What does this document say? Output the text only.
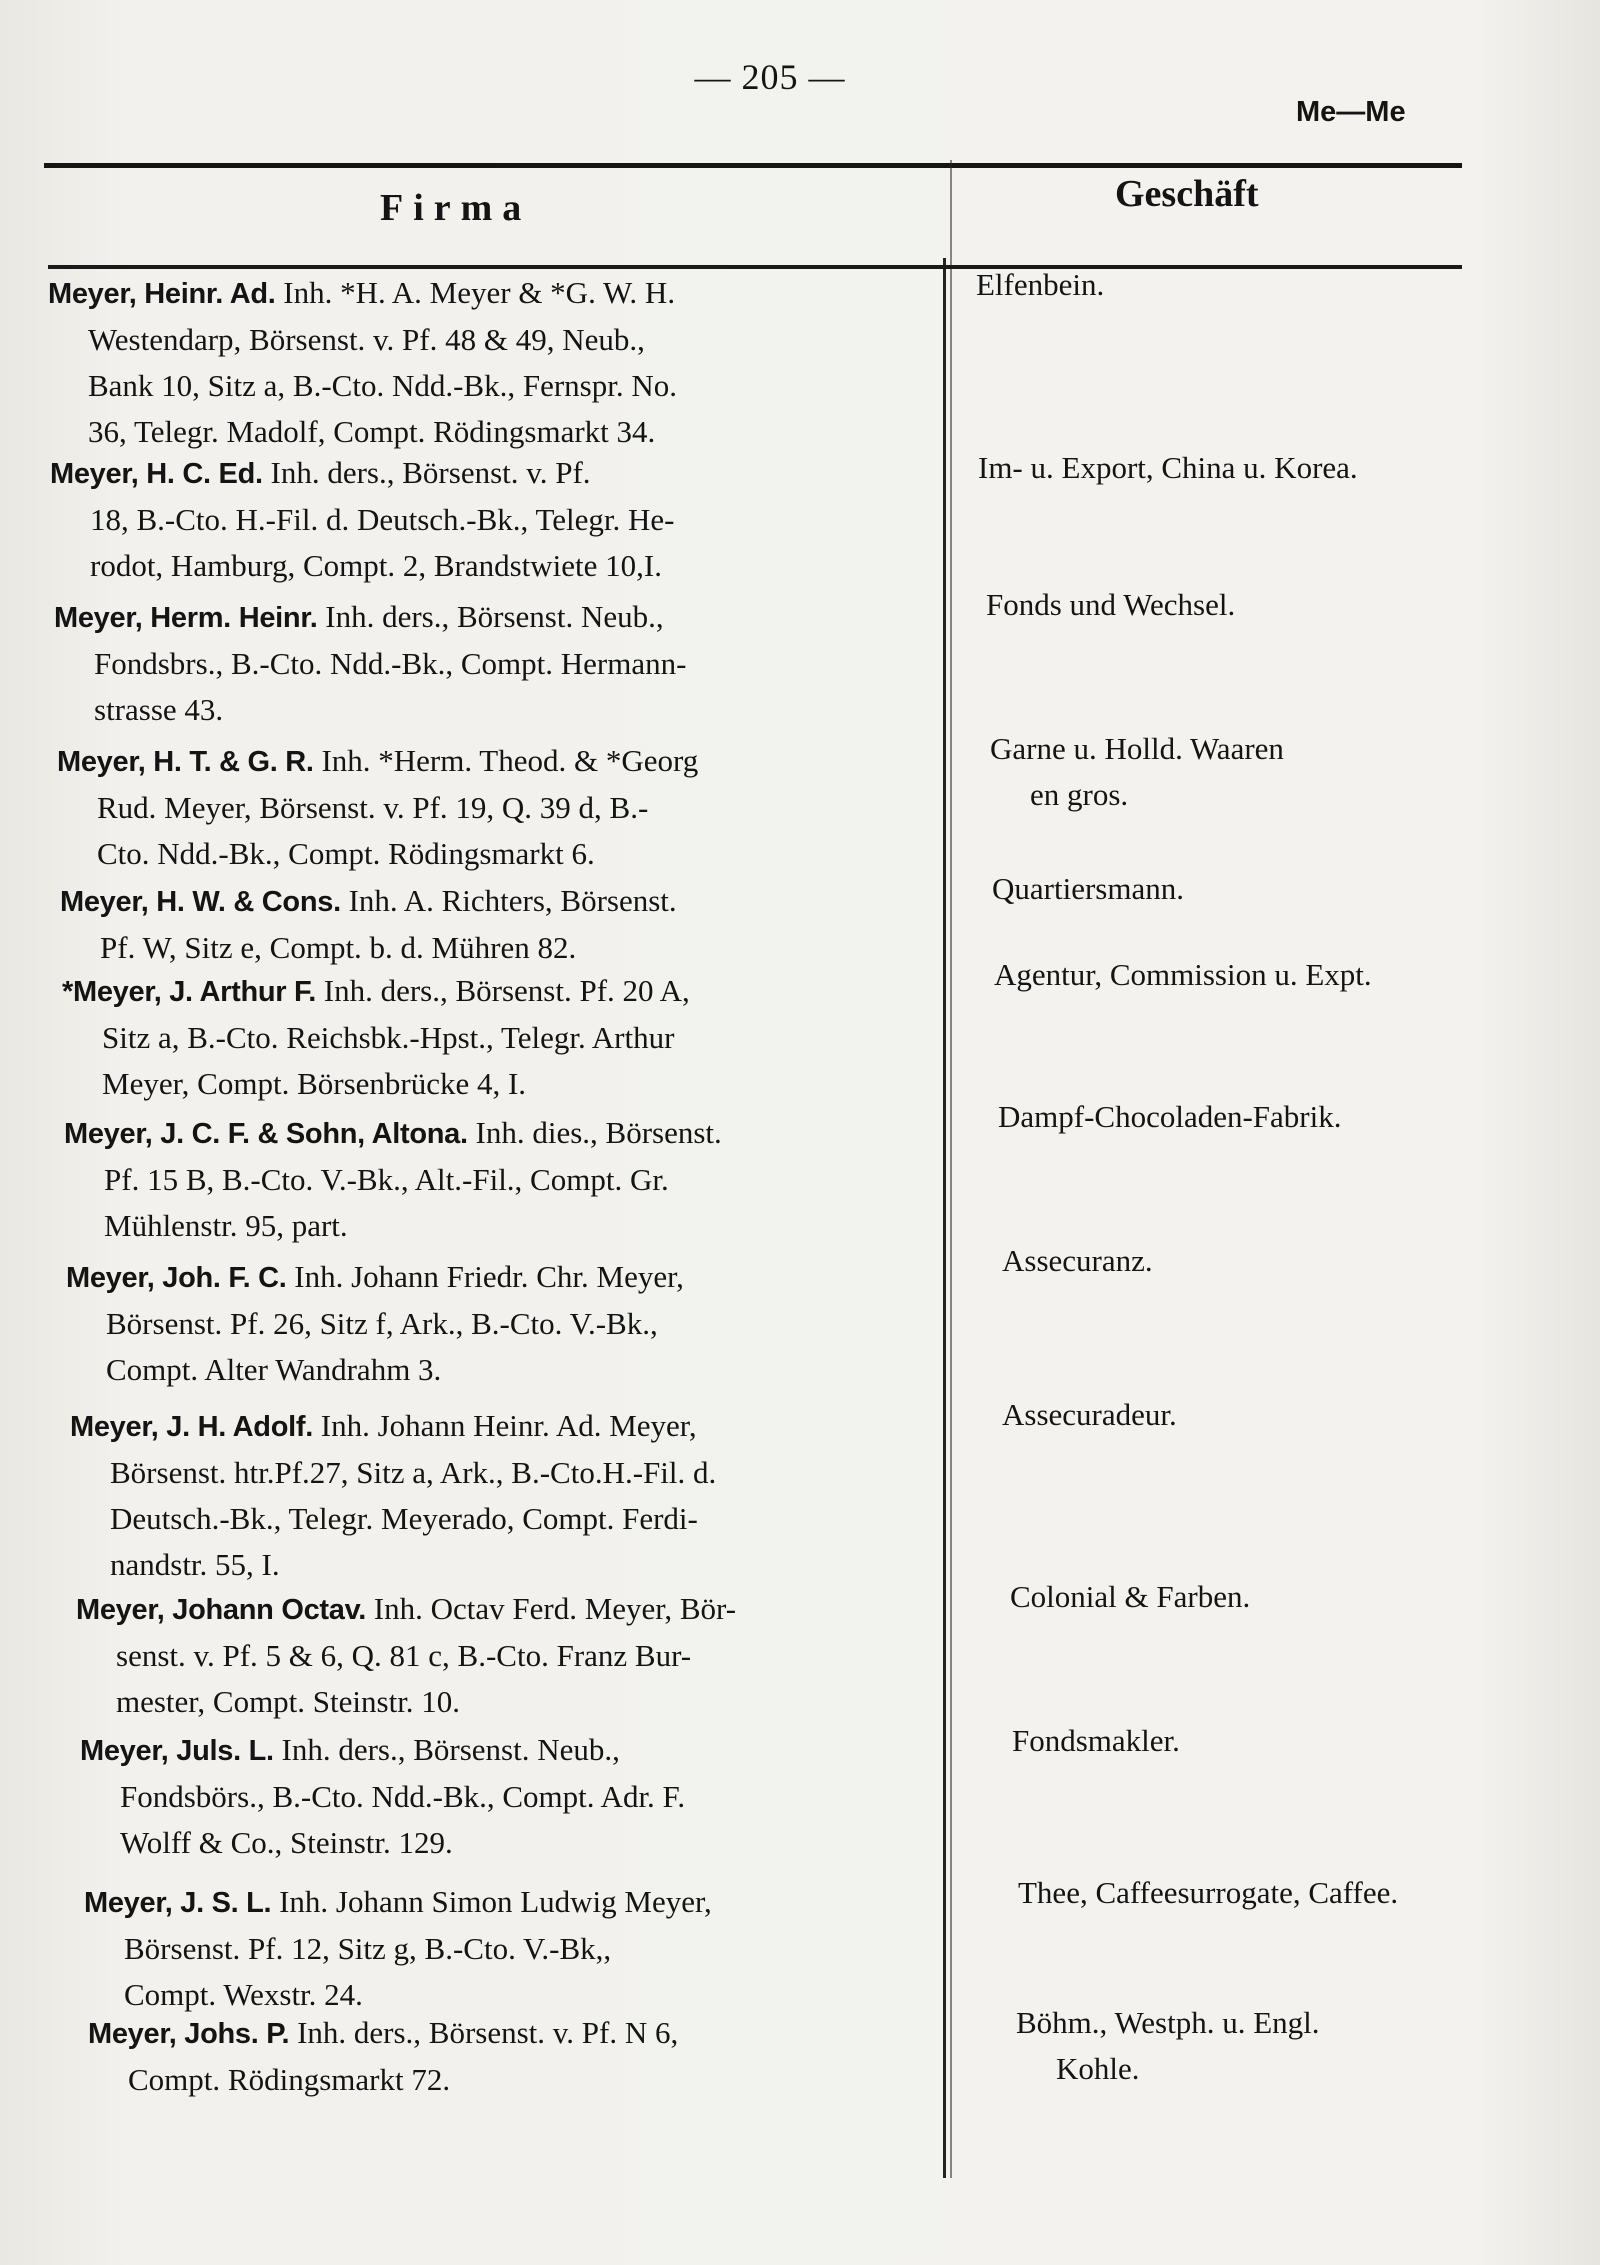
— 205 —
Me—Me
Firma	Geschäft
Meyer, Heinr. Ad. Inh. *H. A. Meyer & *G. W. H.
Westendarp, Börsenst. v. Pf. 48 & 49, Neub.,
Bank 10, Sitz a, B.-Cto. Ndd.-Bk., Fernspr. No.
36, Telegr. Madolf, Compt. Rödingsmarkt 34.
Elfenbein.
Meyer, H. C. Ed. Inh. ders., Börsenst. v. Pf.
18, B.-Cto. H.-Fil. d. Deutsch.-Bk., Telegr. He-
rodot, Hamburg, Compt. 2, Brandstwiete 10,I.
Im- u. Export, China u. Korea.
Meyer, Herm. Heinr. Inh. ders., Börsenst. Neub.,
Fondsbrs., B.-Cto. Ndd.-Bk., Compt. Hermann-
strasse 43.
Fonds und Wechsel.
Meyer, H. T. & G. R. Inh. *Herm. Theod. & *Georg
Rud. Meyer, Börsenst. v. Pf. 19, Q. 39 d, B.-
Cto. Ndd.-Bk., Compt. Rödingsmarkt 6.
Garne u. Holld. Waaren
en gros.
Meyer, H. W. & Cons. Inh. A. Richters, Börsenst.
Pf. W, Sitz e, Compt. b. d. Mühren 82.
Quartiersmann.
*Meyer, J. Arthur F. Inh. ders., Börsenst. Pf. 20 A,
Sitz a, B.-Cto. Reichsbk.-Hpst., Telegr. Arthur
Meyer, Compt. Börsenbrücke 4, I.
Agentur, Commission u. Expt.
Meyer, J. C. F. & Sohn, Altona. Inh. dies., Börsenst.
Pf. 15 B, B.-Cto. V.-Bk., Alt.-Fil., Compt. Gr.
Mühlenstr. 95, part.
Dampf-Chocoladen-Fabrik.
Meyer, Joh. F. C. Inh. Johann Friedr. Chr. Meyer,
Börsenst. Pf. 26, Sitz f, Ark., B.-Cto. V.-Bk.,
Compt. Alter Wandrahm 3.
Assecuranz.
Meyer, J. H. Adolf. Inh. Johann Heinr. Ad. Meyer,
Börsenst. htr.Pf.27, Sitz a, Ark., B.-Cto.H.-Fil. d.
Deutsch.-Bk., Telegr. Meyerado, Compt. Ferdi-
nandstr. 55, I.
Assecuradeur.
Meyer, Johann Octav. Inh. Octav Ferd. Meyer, Bör-
senst. v. Pf. 5 & 6, Q. 81 c, B.-Cto. Franz Bur-
mester, Compt. Steinstr. 10.
Colonial & Farben.
Meyer, Juls. L. Inh. ders., Börsenst. Neub.,
Fondsbörs., B.-Cto. Ndd.-Bk., Compt. Adr. F.
Wolff & Co., Steinstr. 129.
Fondsmakler.
Meyer, J. S. L. Inh. Johann Simon Ludwig Meyer,
Börsenst. Pf. 12, Sitz g, B.-Cto. V.-Bk,,
Compt. Wexstr. 24.
Thee, Caffeesurrogate, Caffee.
Meyer, Johs. P. Inh. ders., Börsenst. v. Pf. N 6,
Compt. Rödingsmarkt 72.
Böhm., Westph. u. Engl.
Kohle.
